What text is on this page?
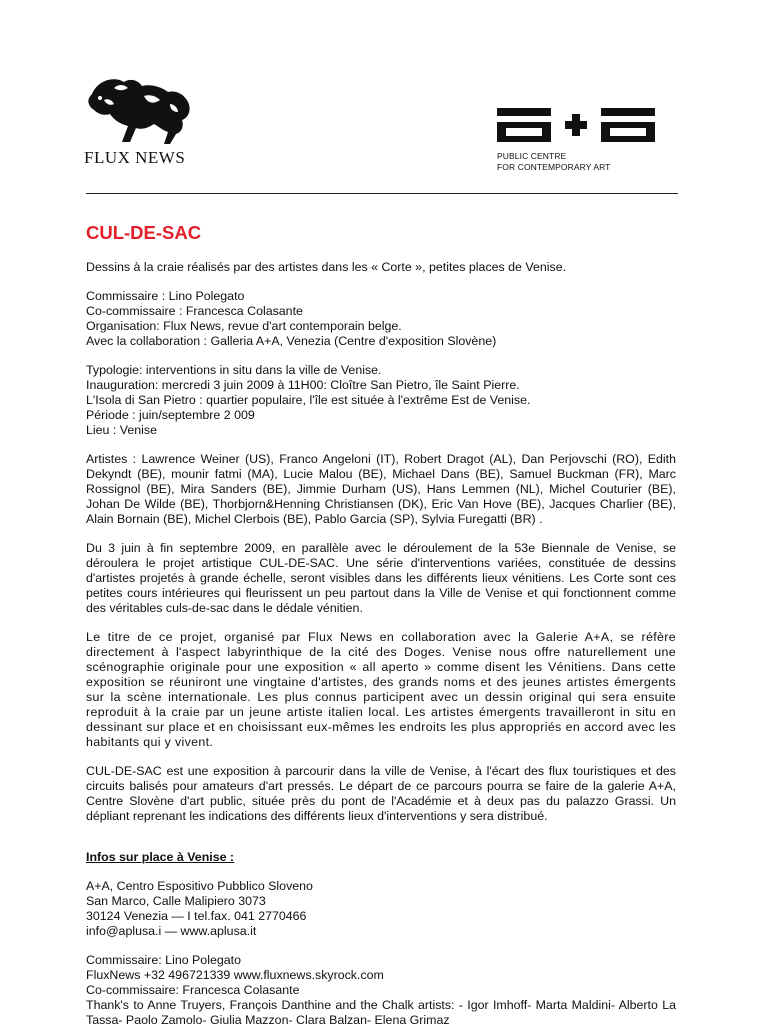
FLUX NEWS	PUBLIC CENTRE
FOR CONTEMPORARY ART
CUL-DE-SAC

Dessins à la craie réalisés par des artistes dans les « Corte », petites places de Venise.

Commissaire : Lino Polegato
Co-commissaire : Francesca Colasante
Organisation: Flux News, revue d'art contemporain belge.
Avec la collaboration : Galleria A+A, Venezia (Centre d'exposition Slovène)
Typologie: interventions in situ dans la ville de Venise.
Inauguration: mercredi 3 juin 2009 à 11H00: Cloître San Pietro, île Saint Pierre.
L'Isola di San Pietro : quartier populaire, l'île est située à l'extrême Est de Venise.
Période : juin/septembre 2 009
Lieu : Venise

Artistes : Lawrence Weiner (US), Franco Angeloni (IT), Robert Dragot (AL), Dan Perjovschi (RO), Edith Dekyndt (BE), mounir fatmi (MA), Lucie Malou (BE), Michael Dans (BE), Samuel Buckman (FR), Marc Rossignol (BE), Mira Sanders (BE), Jimmie Durham (US), Hans Lemmen (NL), Michel Couturier (BE), Johan De Wilde (BE), Thorbjorn&Henning Christiansen (DK), Eric Van Hove (BE), Jacques Charlier (BE), Alain Bornain (BE), Michel Clerbois (BE), Pablo Garcia (SP), Sylvia Furegatti (BR) .

Du 3 juin à fin septembre 2009, en parallèle avec le déroulement de la 53e Biennale de Venise, se déroulera le projet artistique CUL-DE-SAC. Une série d'interventions variées, constituée de dessins d'artistes projetés à grande échelle, seront visibles dans les différents lieux vénitiens. Les Corte sont ces petites cours intérieures qui fleurissent un peu partout dans la Ville de Venise et qui fonctionnent comme des véritables culs-de-sac dans le dédale vénitien.

Le titre de ce projet, organisé par Flux News en collaboration avec la Galerie A+A, se réfère directement à l'aspect labyrinthique de la cité des Doges. Venise nous offre naturellement une scénographie originale pour une exposition « all aperto » comme disent les Vénitiens. Dans cette exposition se réuniront une vingtaine d'artistes, des grands noms et des jeunes artistes émergents sur la scène internationale. Les plus connus participent avec un dessin original qui sera ensuite reproduit à la craie par un jeune artiste italien local. Les artistes émergents travailleront in situ en dessinant sur place et en choisissant eux-mêmes les endroits les plus appropriés en accord avec les habitants qui y vivent.

CUL-DE-SAC est une exposition à parcourir dans la ville de Venise, à l'écart des flux touristiques et des circuits balisés pour amateurs d'art pressés. Le départ de ce parcours pourra se faire de la galerie A+A, Centre Slovène d'art public, située près du pont de l'Académie et à deux pas du palazzo Grassi. Un dépliant reprenant les indications des différents lieux d'interventions y sera distribué.

Infos sur place à Venise :
A+A, Centro Espositivo Pubblico Sloveno
San Marco, Calle Malipiero 3073
30124 Venezia — I tel.fax. 041 2770466
info@aplusa.i — www.aplusa.it
Commissaire: Lino Polegato
FluxNews +32 496721339 www.fluxnews.skyrock.com
Co-commissaire: Francesca Colasante
Thank's to Anne Truyers, François Danthine and the Chalk artists: - Igor Imhoff- Marta Maldini- Alberto La Tassa- Paolo Zamolo- Giulia Mazzon- Clara Balzan- Elena Grimaz
